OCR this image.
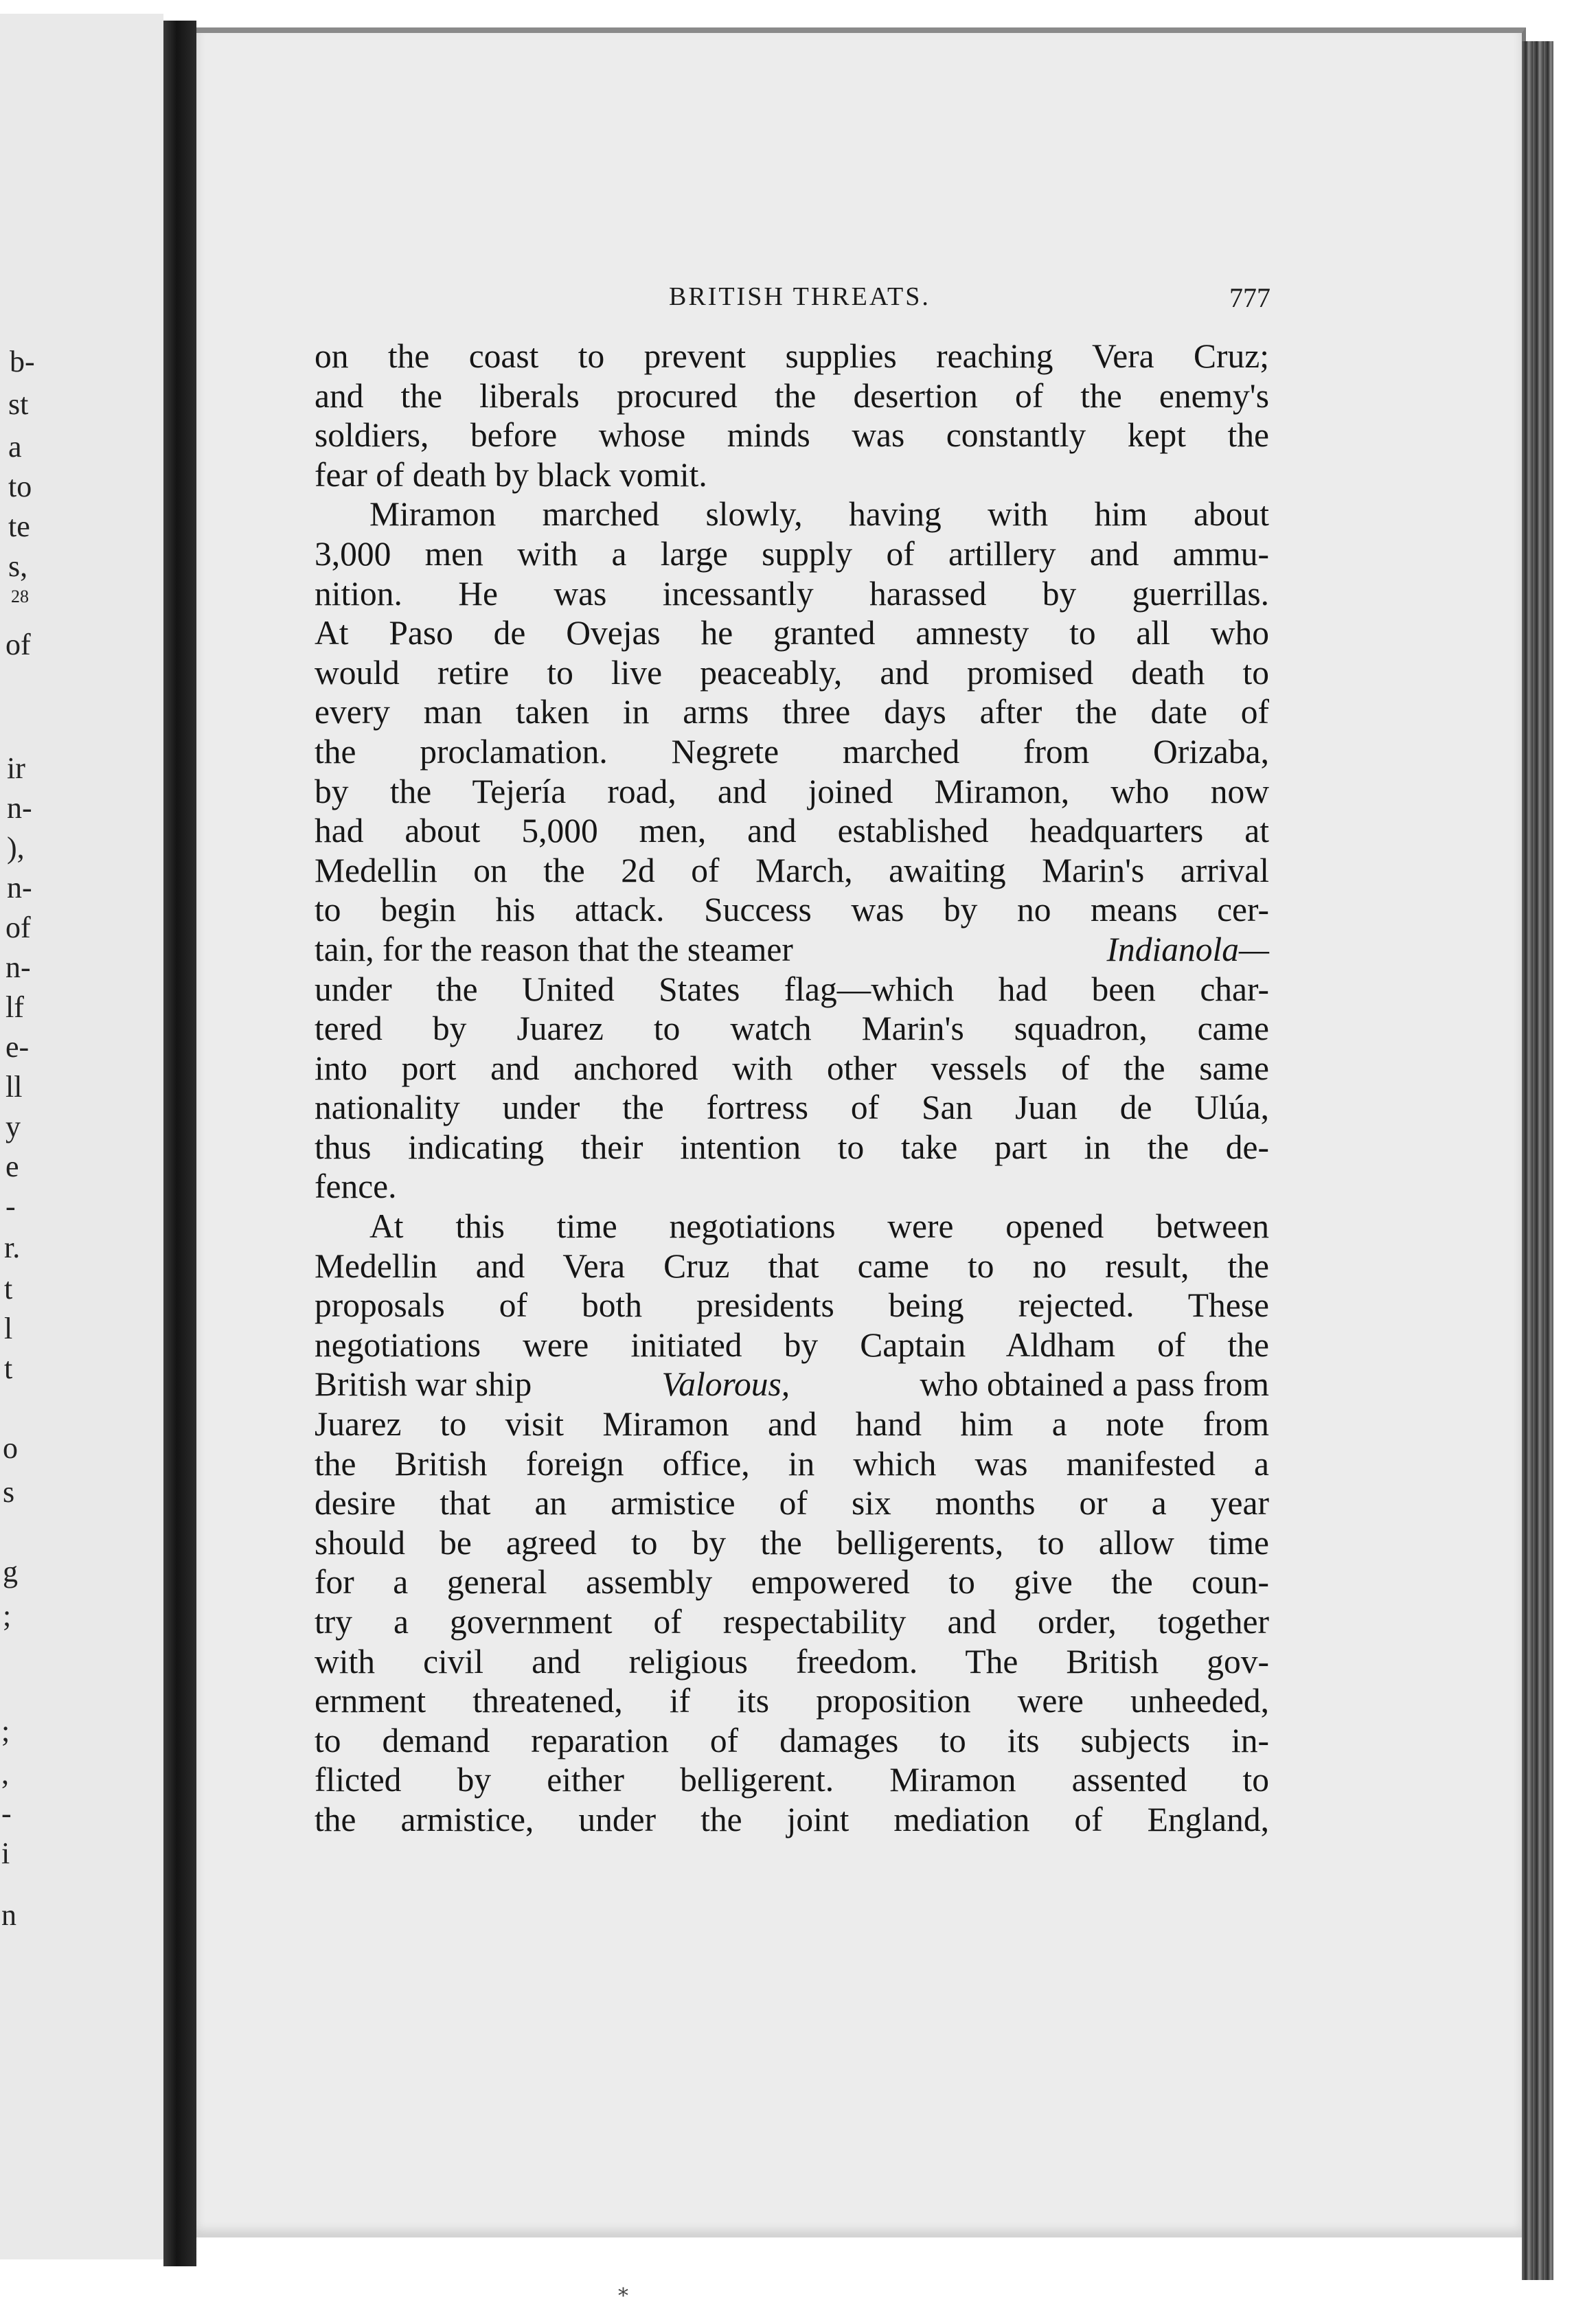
b-
st
a
to
te
s,
28
of
ir
n-
),
n-
of
n-
lf
e-
ll
y
e
-
r.
t
l
t
o
s
g
;
;
,
-
i
n
BRITISH THREATS.	777
on the coast to prevent supplies reaching Vera Cruz;
and the liberals procured the desertion of the enemy's
soldiers, before whose minds was constantly kept the
fear of death by black vomit.
Miramon marched slowly, having with him about
3,000 men with a large supply of artillery and ammu-
nition. He was incessantly harassed by guerrillas.
At Paso de Ovejas he granted amnesty to all who
would retire to live peaceably, and promised death to
every man taken in arms three days after the date of
the proclamation. Negrete marched from Orizaba,
by the Tejería road, and joined Miramon, who now
had about 5,000 men, and established headquarters at
Medellin on the 2d of March, awaiting Marin's arrival
to begin his attack. Success was by no means cer-
tain, for the reason that the steamer	Indianola—
under the United States flag—which had been char-
tered by Juarez to watch Marin's squadron, came
into port and anchored with other vessels of the same
nationality under the fortress of San Juan de Ulúa,
thus indicating their intention to take part in the de-
fence.
At this time negotiations were opened between
Medellin and Vera Cruz that came to no result, the
proposals of both presidents being rejected. These
negotiations were initiated by Captain Aldham of the
British war ship	Valorous,	who obtained a pass from
Juarez to visit Miramon and hand him a note from
the British foreign office, in which was manifested a
desire that an armistice of six months or a year
should be agreed to by the belligerents, to allow time
for a general assembly empowered to give the coun-
try a government of respectability and order, together
with civil and religious freedom. The British gov-
ernment threatened, if its proposition were unheeded,
to demand reparation of damages to its subjects in-
flicted by either belligerent. Miramon assented to
the armistice, under the joint mediation of England,
*
